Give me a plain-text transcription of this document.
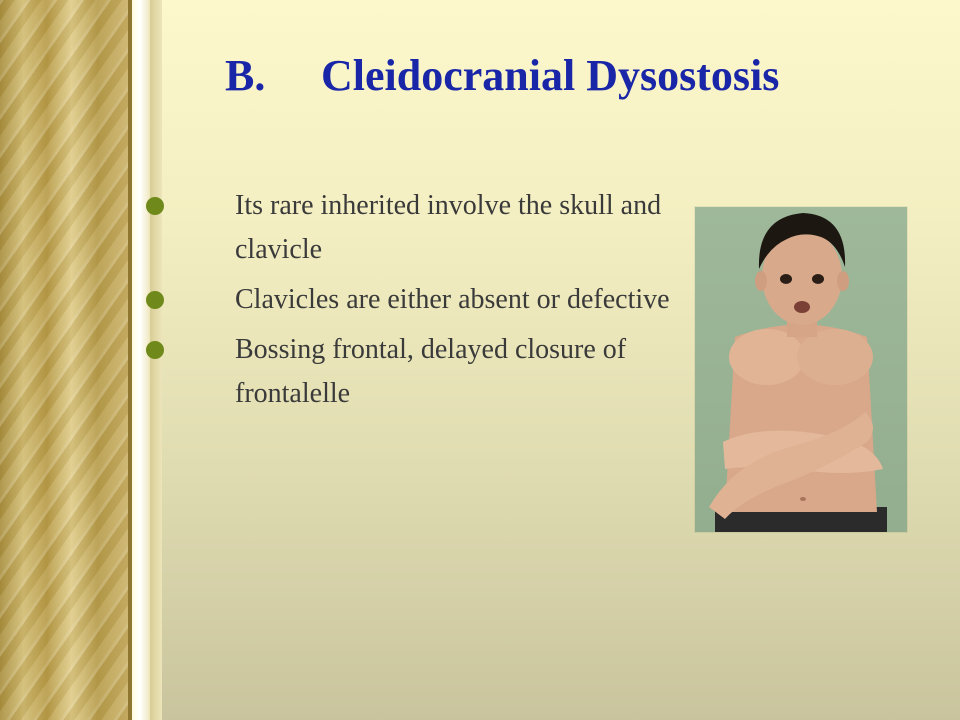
B. Cleidocranial Dysostosis
Its rare inherited involve the skull and clavicle
Clavicles are either absent or defective
Bossing frontal, delayed closure of frontalelle
